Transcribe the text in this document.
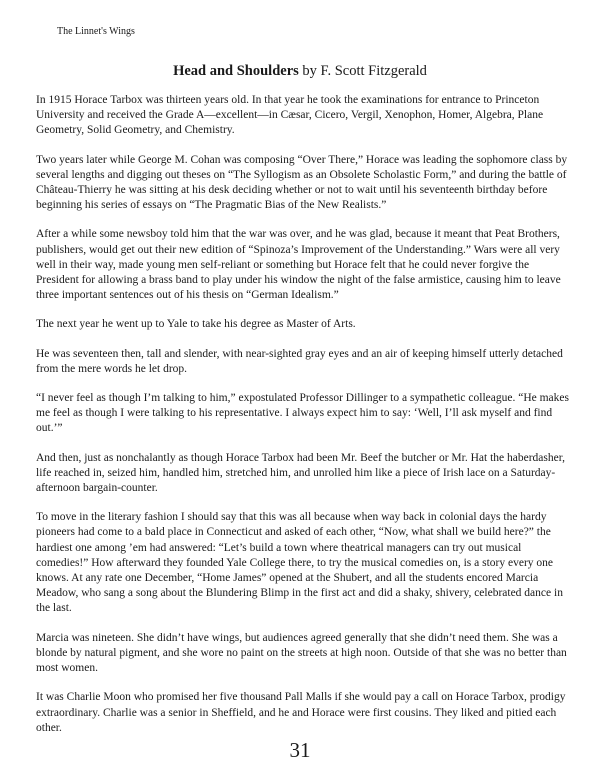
The Linnet's Wings
Head and Shoulders by F. Scott Fitzgerald

In 1915 Horace Tarbox was thirteen years old. In that year he took the examinations for entrance to Princeton University and received the Grade A—excellent—in Cæsar, Cicero, Vergil, Xenophon, Homer, Algebra, Plane Geometry, Solid Geometry, and Chemistry.

Two years later while George M. Cohan was composing “Over There,” Horace was leading the sophomore class by several lengths and digging out theses on “The Syllogism as an Obsolete Scholastic Form,” and during the battle of Château-Thierry he was sitting at his desk deciding whether or not to wait until his seventeenth birthday before beginning his series of essays on “The Pragmatic Bias of the New Realists.”

After a while some newsboy told him that the war was over, and he was glad, because it meant that Peat Brothers, publishers, would get out their new edition of “Spinoza’s Improvement of the Understanding.” Wars were all very well in their way, made young men self-reliant or something but Horace felt that he could never forgive the President for allowing a brass band to play under his window the night of the false armistice, causing him to leave three important sentences out of his thesis on “German Idealism.”

The next year he went up to Yale to take his degree as Master of Arts.

He was seventeen then, tall and slender, with near-sighted gray eyes and an air of keeping himself utterly detached from the mere words he let drop.

“I never feel as though I’m talking to him,” expostulated Professor Dillinger to a sympathetic colleague. “He makes me feel as though I were talking to his representative. I always expect him to say: ‘Well, I’ll ask myself and find out.’”

And then, just as nonchalantly as though Horace Tarbox had been Mr. Beef the butcher or Mr. Hat the haberdasher, life reached in, seized him, handled him, stretched him, and unrolled him like a piece of Irish lace on a Saturday-afternoon bargain-counter.

To move in the literary fashion I should say that this was all because when way back in colonial days the hardy pioneers had come to a bald place in Connecticut and asked of each other, “Now, what shall we build here?” the hardiest one among ’em had answered: “Let’s build a town where theatrical managers can try out musical comedies!” How afterward they founded Yale College there, to try the musical comedies on, is a story every one knows. At any rate one December, “Home James” opened at the Shubert, and all the students encored Marcia Meadow, who sang a song about the Blundering Blimp in the first act and did a shaky, shivery, celebrated dance in the last.

Marcia was nineteen. She didn’t have wings, but audiences agreed generally that she didn’t need them. She was a blonde by natural pigment, and she wore no paint on the streets at high noon. Outside of that she was no better than most women.

It was Charlie Moon who promised her five thousand Pall Malls if she would pay a call on Horace Tarbox, prodigy extraordinary. Charlie was a senior in Sheffield, and he and Horace were first cousins. They liked and pitied each other.

31
